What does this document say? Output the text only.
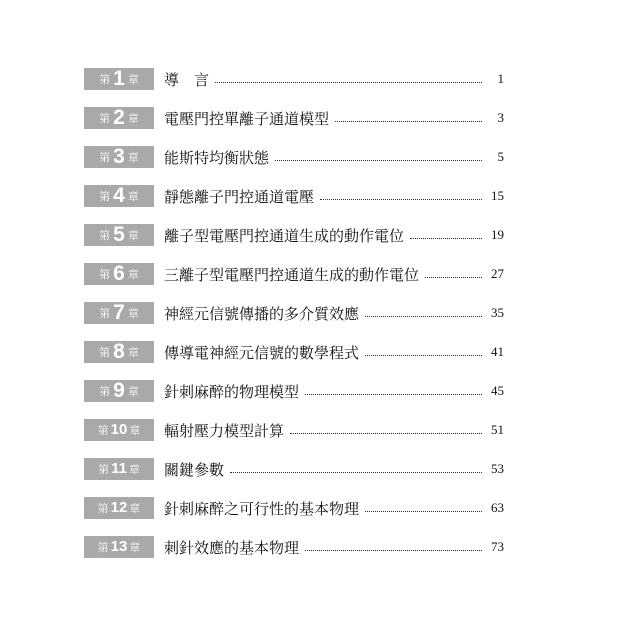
第 1 章 導　言	1
第 2 章 電壓門控單離子通道模型	3
第 3 章 能斯特均衡狀態	5
第 4 章 靜態離子門控通道電壓	15
第 5 章 離子型電壓門控通道生成的動作電位	19
第 6 章 三離子型電壓門控通道生成的動作電位	27
第 7 章 神經元信號傳播的多介質效應	35
第 8 章 傳導電神經元信號的數學程式	41
第 9 章 針刺麻醉的物理模型	45
第 10 章 輻射壓力模型計算	51
第 11 章 關鍵參數	53
第 12 章 針刺麻醉之可行性的基本物理	63
第 13 章 刺針效應的基本物理	73
